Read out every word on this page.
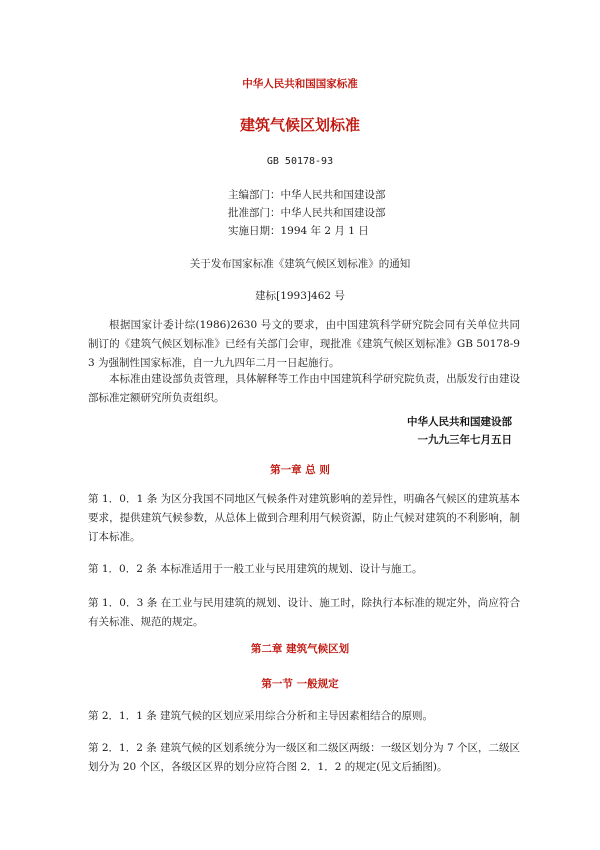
中华人民共和国国家标准
建筑气候区划标准
GB 50178-93
主编部门：中华人民共和国建设部
批准部门：中华人民共和国建设部
实施日期：1994 年 2 月 1 日
关于发布国家标准《建筑气候区划标准》的通知
建标[1993]462 号
根据国家计委计综(1986)2630 号文的要求，由中国建筑科学研究院会同有关单位共同制订的《建筑气候区划标准》已经有关部门会审，现批准《建筑气候区划标准》GB 50178-93 为强制性国家标准，自一九九四年二月一日起施行。
本标准由建设部负责管理，具体解释等工作由中国建筑科学研究院负责，出版发行由建设部标准定额研究所负责组织。
中华人民共和国建设部
一九九三年七月五日
第一章 总 则
第 1．0．1 条 为区分我国不同地区气候条件对建筑影响的差异性，明确各气候区的建筑基本要求，提供建筑气候参数，从总体上做到合理利用气候资源，防止气候对建筑的不利影响，制订本标准。
第 1．0．2 条 本标准适用于一般工业与民用建筑的规划、设计与施工。
第 1．0．3 条 在工业与民用建筑的规划、设计、施工时，除执行本标准的规定外，尚应符合有关标准、规范的规定。
第二章 建筑气候区划
第一节 一般规定
第 2．1．1 条 建筑气候的区划应采用综合分析和主导因素相结合的原则。
第 2．1．2 条 建筑气候的区划系统分为一级区和二级区两级：一级区划分为 7 个区，二级区划分为 20 个区，各级区区界的划分应符合图 2．1．2 的规定(见文后插图)。
